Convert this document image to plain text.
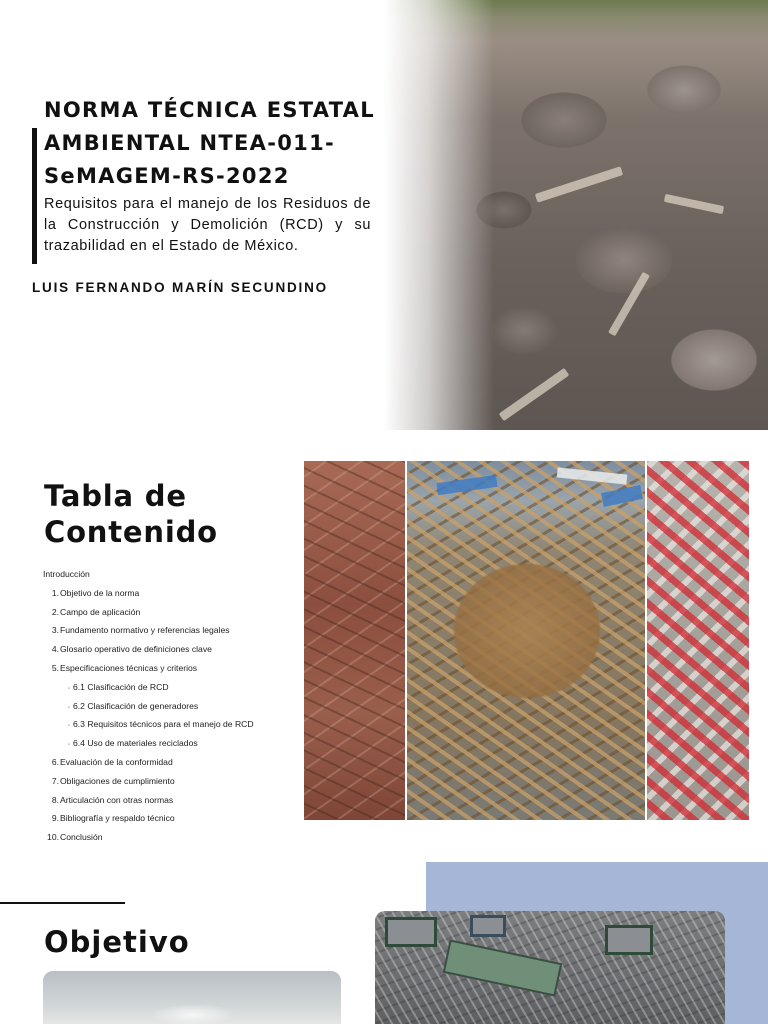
NORMA TÉCNICA ESTATAL AMBIENTAL NTEA-011-SeMAGEM-RS-2022

Requisitos para el manejo de los Residuos de la Construcción y Demolición (RCD) y su trazabilidad en el Estado de México.

LUIS FERNANDO MARÍN SECUNDINO
Tabla de Contenido
Introducción
1.Objetivo de la norma
2.Campo de aplicación
3.Fundamento normativo y referencias legales
4.Glosario operativo de definiciones clave
5.Especificaciones técnicas y criterios
◦ 6.1 Clasificación de RCD
◦ 6.2 Clasificación de generadores
◦ 6.3 Requisitos técnicos para el manejo de RCD
◦ 6.4 Uso de materiales reciclados
6.Evaluación de la conformidad
7.Obligaciones de cumplimiento
8.Articulación con otras normas
9.Bibliografía y respaldo técnico
10.Conclusión
Objetivo
